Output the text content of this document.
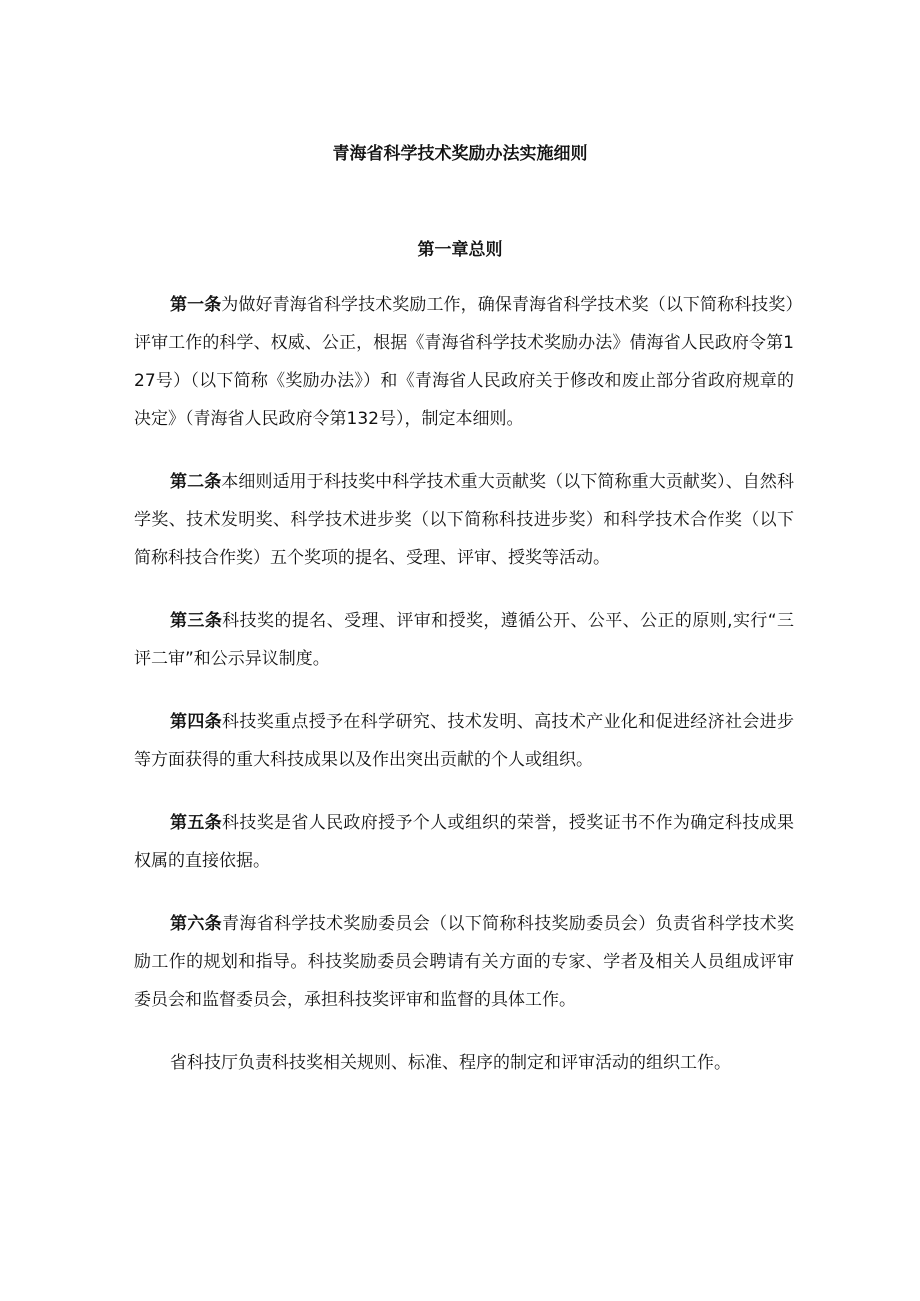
青海省科学技术奖励办法实施细则
第一章总则

第一条为做好青海省科学技术奖励工作，确保青海省科学技术奖（以下简称科技奖）评审工作的科学、权威、公正，根据《青海省科学技术奖励办法》倩海省人民政府令第127号）（以下简称《奖励办法》）和《青海省人民政府关于修改和废止部分省政府规章的决定》（青海省人民政府令第132号），制定本细则。

第二条本细则适用于科技奖中科学技术重大贡献奖（以下简称重大贡献奖）、自然科学奖、技术发明奖、科学技术进步奖（以下简称科技进步奖）和科学技术合作奖（以下简称科技合作奖）五个奖项的提名、受理、评审、授奖等活动。

第三条科技奖的提名、受理、评审和授奖，遵循公开、公平、公正的原则,实行“三评二审”和公示异议制度。

第四条科技奖重点授予在科学研究、技术发明、高技术产业化和促进经济社会进步等方面获得的重大科技成果以及作出突出贡献的个人或组织。

第五条科技奖是省人民政府授予个人或组织的荣誉，授奖证书不作为确定科技成果权属的直接依据。

第六条青海省科学技术奖励委员会（以下简称科技奖励委员会）负责省科学技术奖励工作的规划和指导。科技奖励委员会聘请有关方面的专家、学者及相关人员组成评审委员会和监督委员会，承担科技奖评审和监督的具体工作。

省科技厅负责科技奖相关规则、标准、程序的制定和评审活动的组织工作。
